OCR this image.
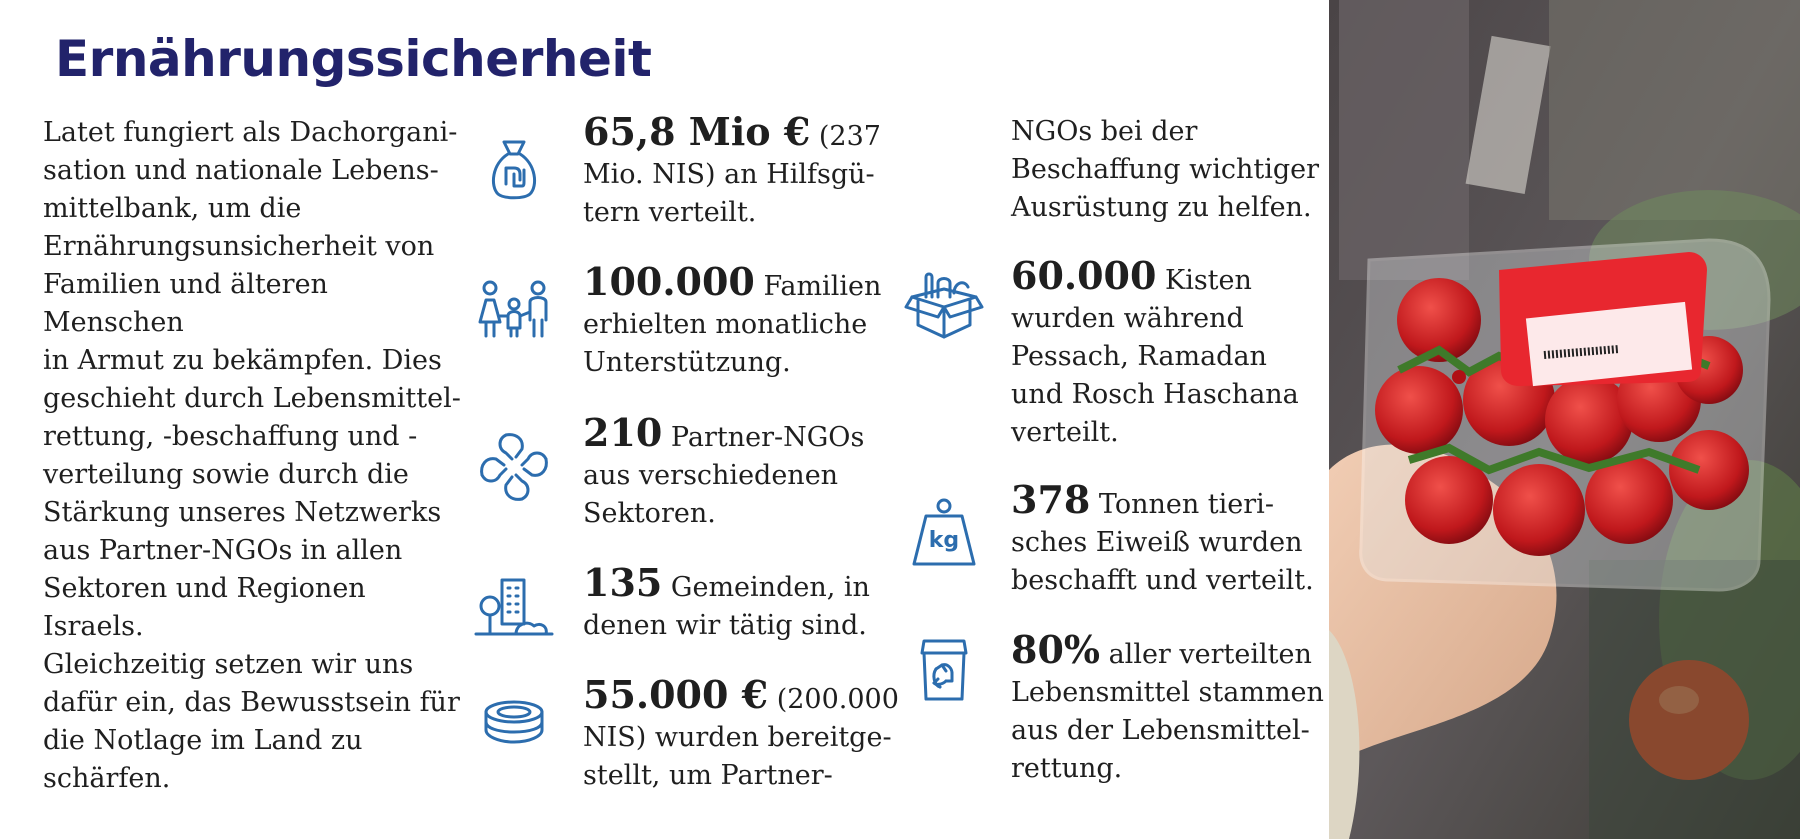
Ernährungssicherheit

Latet fungiert als Dachorgani-
sation und nationale Lebens-
mittelbank, um die
Ernährungsunsicherheit von
Familien und älteren Menschen
in Armut zu bekämpfen. Dies
geschieht durch Lebensmittel-
rettung, -beschaffung und -
verteilung sowie durch die
Stärkung unseres Netzwerks
aus Partner-NGOs in allen
Sektoren und Regionen Israels.
Gleichzeitig setzen wir uns
dafür ein, das Bewusstsein für
die Notlage im Land zu
schärfen.

kg

65,8 Mio € (237
Mio. NIS) an Hilfsgü-
tern verteilt.

100.000 Familien
erhielten monatliche
Unterstützung.

210 Partner-NGOs
aus verschiedenen
Sektoren.

135 Gemeinden, in
denen wir tätig sind.

55.000 € (200.000
NIS) wurden bereitge-
stellt, um Partner-

NGOs bei der
Beschaffung wichtiger
Ausrüstung zu helfen.

60.000 Kisten
wurden während
Pessach, Ramadan
und Rosch Haschana
verteilt.

378 Tonnen tieri-
sches Eiweiß wurden
beschafft und verteilt.

80% aller verteilten
Lebensmittel stammen
aus der Lebensmittel-
rettung.
